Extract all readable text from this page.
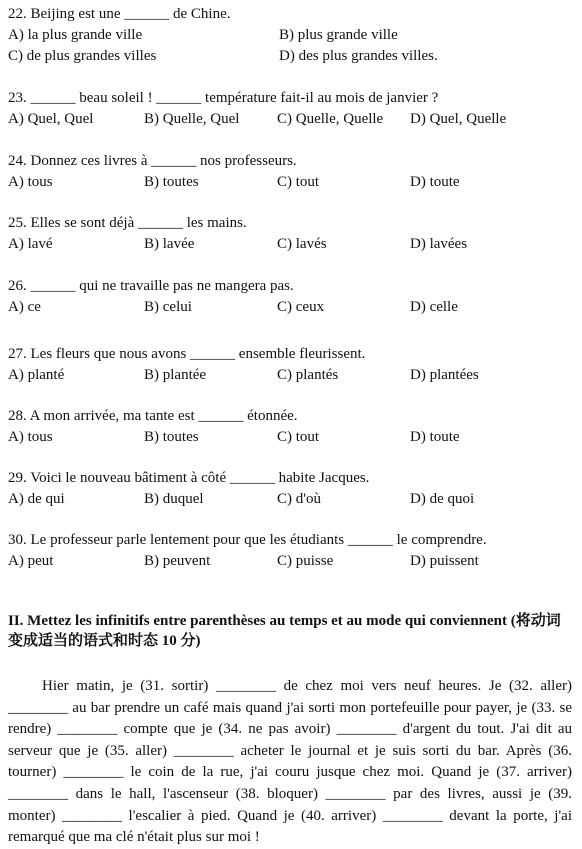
22. Beijing est une ______ de Chine.
A) la plus grande ville	B) plus grande ville
C) de plus grandes villes	D) des plus grandes villes.
23. ______ beau soleil ! ______ température fait-il au mois de janvier ?
A) Quel, Quel	B) Quelle, Quel	C) Quelle, Quelle D) Quel, Quelle
24. Donnez ces livres à ______ nos professeurs.
A) tous	B) toutes	C) tout	D) toute
25. Elles se sont déjà ______ les mains.
A) lavé	B) lavée	C) lavés	D) lavées
26. ______ qui ne travaille pas ne mangera pas.
A) ce	B) celui	C) ceux	D) celle
27. Les fleurs que nous avons ______ ensemble fleurissent.
A) planté	B) plantée	C) plantés	D) plantées
28. A mon arrivée, ma tante est ______ étonnée.
A) tous	B) toutes	C) tout	D) toute
29. Voici le nouveau bâtiment à côté ______ habite Jacques.
A) de qui	B) duquel	C) d'où	D) de quoi
30. Le professeur parle lentement pour que les étudiants ______ le comprendre.
A) peut	B) peuvent	C) puisse	D) puissent
II. Mettez les infinitifs entre parenthèses au temps et au mode qui conviennent (将动词变成适当的语式和时态 10 分)

Hier matin, je (31. sortir) ________ de chez moi vers neuf heures. Je (32. aller) ________ au bar prendre un café mais quand j'ai sorti mon portefeuille pour payer, je (33. se rendre) ________ compte que je (34. ne pas avoir) ________ d'argent du tout. J'ai dit au serveur que je (35. aller) ________ acheter le journal et je suis sorti du bar. Après (36. tourner) ________ le coin de la rue, j'ai couru jusque chez moi. Quand je (37. arriver) ________ dans le hall, l'ascenseur (38. bloquer) ________ par des livres, aussi je (39. monter) ________ l'escalier à pied. Quand je (40. arriver) ________ devant la porte, j'ai remarqué que ma clé n'était plus sur moi !
